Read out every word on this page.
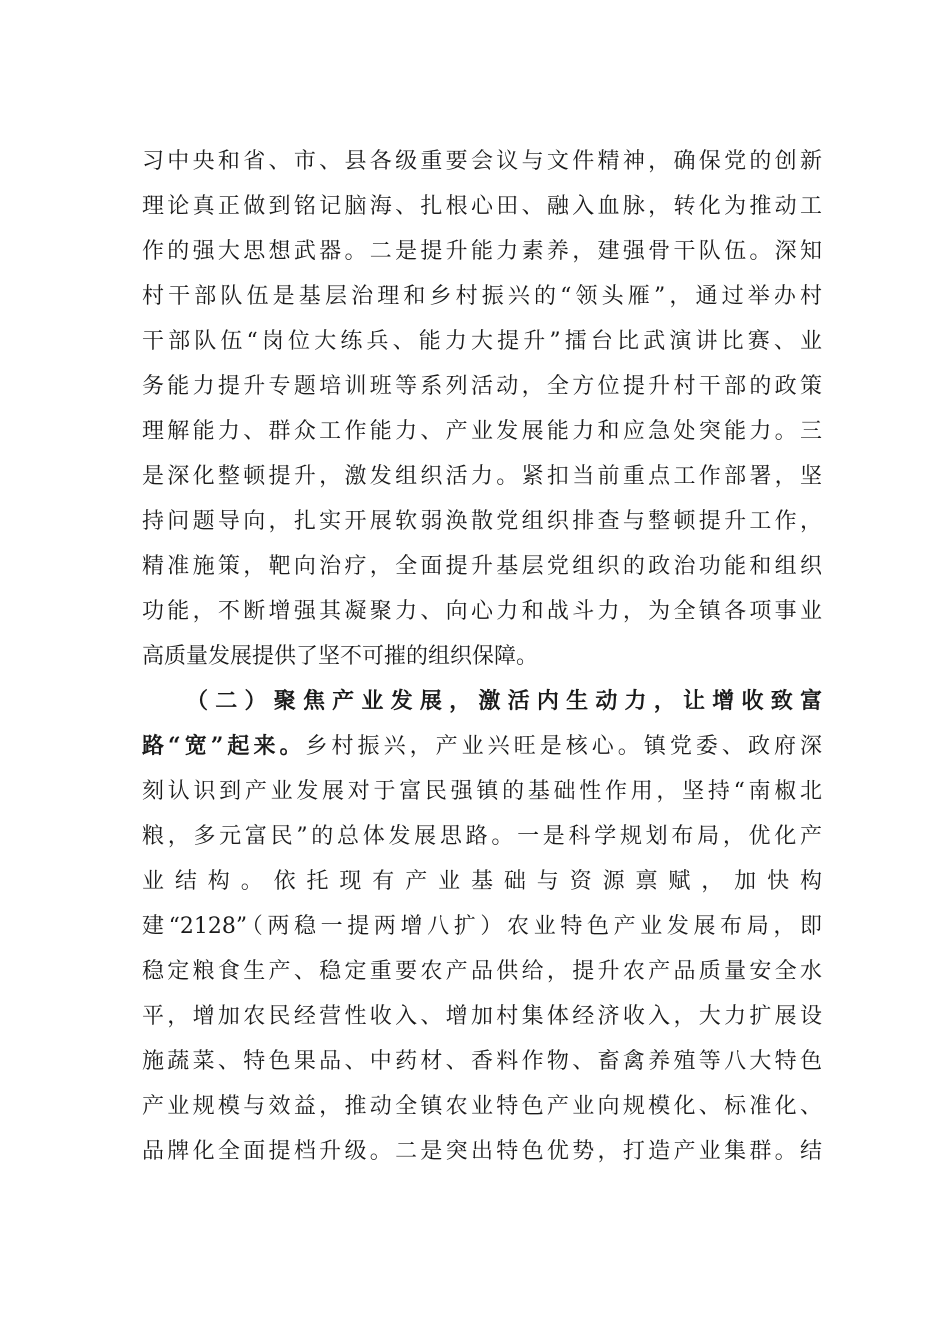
习中央和省、市、县各级重要会议与文件精神，确保党的创新
理论真正做到铭记脑海、扎根心田、融入血脉，转化为推动工
作的强大思想武器。二是提升能力素养，建强骨干队伍。深知
村干部队伍是基层治理和乡村振兴的“领头雁”，通过举办村
干部队伍“岗位大练兵、能力大提升”擂台比武演讲比赛、业
务能力提升专题培训班等系列活动，全方位提升村干部的政策
理解能力、群众工作能力、产业发展能力和应急处突能力。三
是深化整顿提升，激发组织活力。紧扣当前重点工作部署，坚
持问题导向，扎实开展软弱涣散党组织排查与整顿提升工作，
精准施策，靶向治疗，全面提升基层党组织的政治功能和组织
功能，不断增强其凝聚力、向心力和战斗力，为全镇各项事业
高质量发展提供了坚不可摧的组织保障。
（二）聚焦产业发展，激活内生动力，让增收致富
路“宽”起来。乡村振兴，产业兴旺是核心。镇党委、政府深
刻认识到产业发展对于富民强镇的基础性作用，坚持“南椒北
粮，多元富民”的总体发展思路。一是科学规划布局，优化产
业结构。依托现有产业基础与资源禀赋，加快构
建“2128”（两稳一提两增八扩）农业特色产业发展布局，即
稳定粮食生产、稳定重要农产品供给，提升农产品质量安全水
平，增加农民经营性收入、增加村集体经济收入，大力扩展设
施蔬菜、特色果品、中药材、香料作物、畜禽养殖等八大特色
产业规模与效益，推动全镇农业特色产业向规模化、标准化、
品牌化全面提档升级。二是突出特色优势，打造产业集群。结
